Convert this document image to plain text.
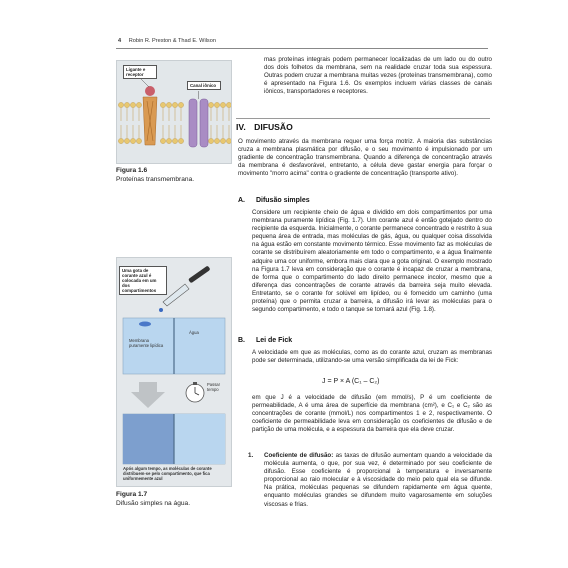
4 Robin R. Preston & Thad E. Wilson
Ligante e receptor
Canal iônico
Figura 1.6
Proteínas transmembrana.
Uma gota de corante azul é colocada em um dos compartimentos
Água
Membrana puramente lipídica
Passar tempo
Após algum tempo, as moléculas de corante distribuem-se pelo compartimento, que fica uniformemente azul
Figura 1.7
Difusão simples na água.
mas proteínas integrais podem permanecer localizadas de um lado ou do outro dos dois folhetos da membrana, sem na realidade cruzar toda sua espessura. Outras podem cruzar a membrana muitas vezes (proteínas transmembrana), como é apresentado na Figura 1.6. Os exemplos incluem várias classes de canais iônicos, transportadores e receptores.
IV. DIFUSÃO
O movimento através da membrana requer uma força motriz. A maioria das substâncias cruza a membrana plasmática por difusão, e o seu movimento é impulsionado por um gradiente de concentração transmembrana. Quando a diferença de concentração através da membrana é desfavorável, entretanto, a célula deve gastar energia para forçar o movimento "morro acima" contra o gradiente de concentração (transporte ativo).
A. Difusão simples
Considere um recipiente cheio de água e dividido em dois compartimentos por uma membrana puramente lipídica (Fig. 1.7). Um corante azul é então gotejado dentro do recipiente da esquerda. Inicialmente, o corante permanece concentrado e restrito à sua pequena área de entrada, mas moléculas de gás, água, ou qualquer coisa dissolvida na água estão em constante movimento térmico. Esse movimento faz as moléculas de corante se distribuírem aleatoriamente em todo o compartimento, e a água finalmente adquire uma cor uniforme, embora mais clara que a gota original. O exemplo mostrado na Figura 1.7 leva em consideração que o corante é incapaz de cruzar a membrana, de forma que o compartimento do lado direito permanece incolor, mesmo que a diferença das concentrações de corante através da barreira seja muito elevada. Entretanto, se o corante for solúvel em lipídeo, ou é fornecido um caminho (uma proteína) que o permita cruzar a barreira, a difusão irá levar as moléculas para o segundo compartimento, e todo o tanque se tornará azul (Fig. 1.8).
B. Lei de Fick
A velocidade em que as moléculas, como as do corante azul, cruzam as membranas pode ser determinada, utilizando-se uma versão simplificada da lei de Fick:
J = P × A (C₁ – C₂)
em que J é a velocidade de difusão (em mmol/s), P é um coeficiente de permeabilidade, A é uma área de superfície da membrana (cm²), e C₁ e C₂ são as concentrações de corante (mmol/L) nos compartimentos 1 e 2, respectivamente. O coeficiente de permeabilidade leva em consideração os coeficientes de difusão e de partição de uma molécula, e a espessura da barreira que ela deve cruzar.
1. Coeficiente de difusão: as taxas de difusão aumentam quando a velocidade da molécula aumenta, o que, por sua vez, é determinado por seu coeficiente de difusão. Esse coeficiente é proporcional à temperatura e inversamente proporcional ao raio molecular e à viscosidade do meio pelo qual ela se difunde. Na prática, moléculas pequenas se difundem rapidamente em água quente, enquanto moléculas grandes se difundem muito vagarosamente em soluções viscosas e frias.
